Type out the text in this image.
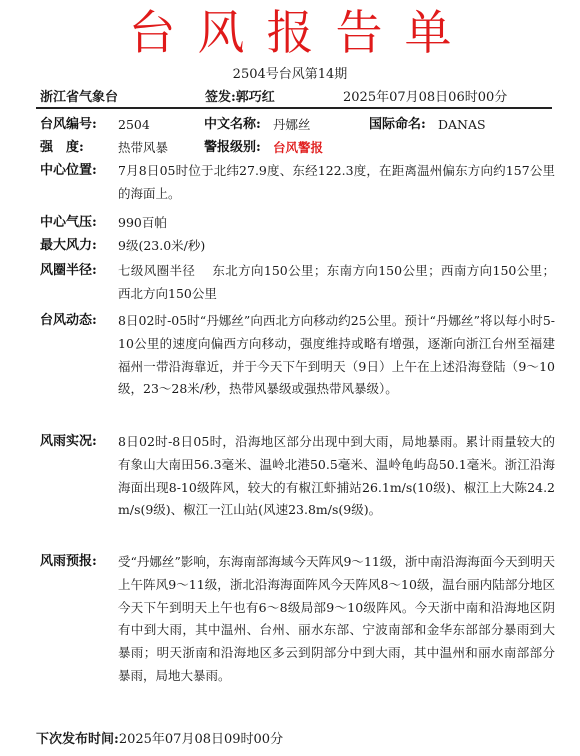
台风报告单
2504号台风第14期
浙江省气象台	签发:郭巧红	2025年07月08日06时00分
台风编号: 2504	中文名称: 丹娜丝	国际命名: DANAS
强　度:	热带风暴	警报级别: 台风警报
中心位置: 7月8日05时位于北纬27.9度、东经122.3度，在距离温州偏东方向约157公里的海面上。
中心气压: 990百帕
最大风力: 9级(23.0米/秒)
风圈半径: 七级风圈半径　 东北方向150公里；东南方向150公里；西南方向150公里；西北方向150公里
台风动态: 8日02时-05时“丹娜丝”向西北方向移动约25公里。预计“丹娜丝”将以每小时5-10公里的速度向偏西方向移动，强度维持或略有增强，逐渐向浙江台州至福建福州一带沿海靠近，并于今天下午到明天（9日）上午在上述沿海登陆（9～10级，23～28米/秒，热带风暴级或强热带风暴级）。
风雨实况: 8日02时-8日05时，沿海地区部分出现中到大雨，局地暴雨。累计雨量较大的有象山大南田56.3毫米、温岭北港50.5毫米、温岭龟屿岛50.1毫米。浙江沿海海面出现8-10级阵风，较大的有椒江虾捕站26.1m/s(10级)、椒江上大陈24.2m/s(9级)、椒江一江山站(风速23.8m/s(9级)。
风雨预报: 受“丹娜丝”影响，东海南部海域今天阵风9～11级，浙中南沿海海面今天到明天上午阵风9～11级，浙北沿海海面阵风今天阵风8～10级，温台丽内陆部分地区今天下午到明天上午也有6～8级局部9～10级阵风。今天浙中南和沿海地区阴有中到大雨，其中温州、台州、丽水东部、宁波南部和金华东部部分暴雨到大暴雨；明天浙南和沿海地区多云到阴部分中到大雨，其中温州和丽水南部部分暴雨，局地大暴雨。
下次发布时间:2025年07月08日09时00分
